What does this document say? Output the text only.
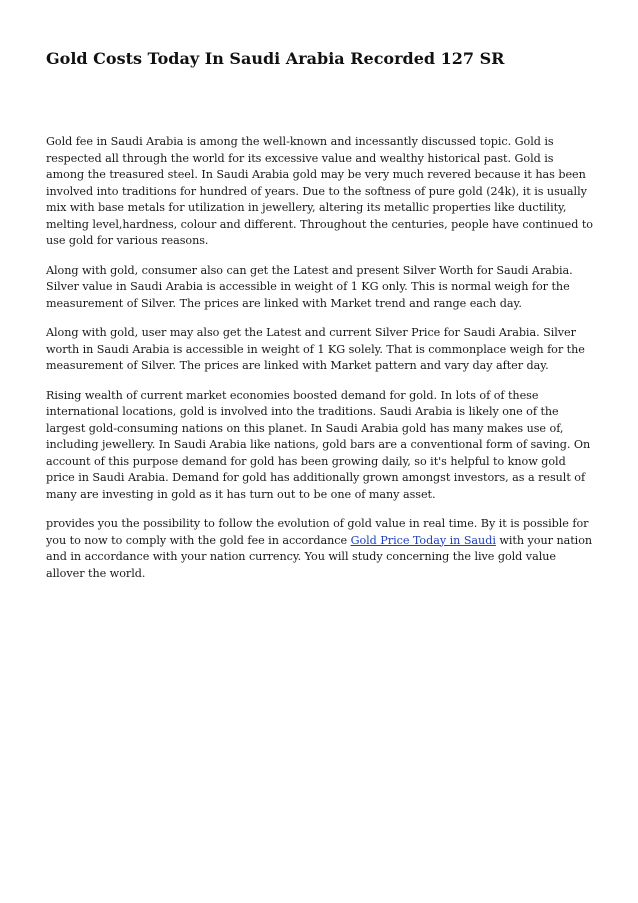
Gold Costs Today In Saudi Arabia Recorded 127 SR

Gold fee in Saudi Arabia is among the well-known and incessantly discussed topic. Gold is respected all through the world for its excessive value and wealthy historical past. Gold is among the treasured steel. In Saudi Arabia gold may be very much revered because it has been involved into traditions for hundred of years. Due to the softness of pure gold (24k), it is usually mix with base metals for utilization in jewellery, altering its metallic properties like ductility, melting level,hardness, colour and different. Throughout the centuries, people have continued to use gold for various reasons.

Along with gold, consumer also can get the Latest and present Silver Worth for Saudi Arabia. Silver value in Saudi Arabia is accessible in weight of 1 KG only. This is normal weigh for the measurement of Silver. The prices are linked with Market trend and range each day.

Along with gold, user may also get the Latest and current Silver Price for Saudi Arabia. Silver worth in Saudi Arabia is accessible in weight of 1 KG solely. That is commonplace weigh for the measurement of Silver. The prices are linked with Market pattern and vary day after day.

Rising wealth of current market economies boosted demand for gold. In lots of of these international locations, gold is involved into the traditions. Saudi Arabia is likely one of the largest gold-consuming nations on this planet. In Saudi Arabia gold has many makes use of, including jewellery. In Saudi Arabia like nations, gold bars are a conventional form of saving. On account of this purpose demand for gold has been growing daily, so it's helpful to know gold price in Saudi Arabia. Demand for gold has additionally grown amongst investors, as a result of many are investing in gold as it has turn out to be one of many asset.

provides you the possibility to follow the evolution of gold value in real time. By it is possible for you to now to comply with the gold fee in accordance Gold Price Today in Saudi with your nation and in accordance with your nation currency. You will study concerning the live gold value allover the world.
